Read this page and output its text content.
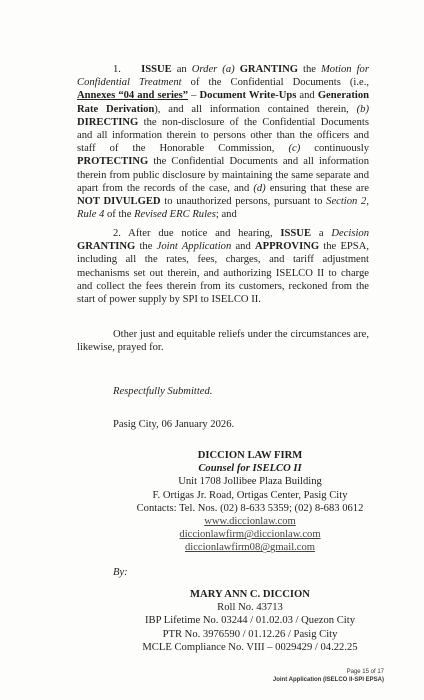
1. ISSUE an Order (a) GRANTING the Motion for Confidential Treatment of the Confidential Documents (i.e., Annexes “04 and series” – Document Write-Ups and Generation Rate Derivation), and all information contained therein, (b) DIRECTING the non-disclosure of the Confidential Documents and all information therein to persons other than the officers and staff of the Honorable Commission, (c) continuously PROTECTING the Confidential Documents and all information therein from public disclosure by maintaining the same separate and apart from the records of the case, and (d) ensuring that these are NOT DIVULGED to unauthorized persons, pursuant to Section 2, Rule 4 of the Revised ERC Rules; and

2. After due notice and hearing, ISSUE a Decision GRANTING the Joint Application and APPROVING the EPSA, including all the rates, fees, charges, and tariff adjustment mechanisms set out therein, and authorizing ISELCO II to charge and collect the fees therein from its customers, reckoned from the start of power supply by SPI to ISELCO II.

Other just and equitable reliefs under the circumstances are, likewise, prayed for.

Respectfully Submitted.
Pasig City, 06 January 2026.
DICCION LAW FIRM
Counsel for ISELCO II
Unit 1708 Jollibee Plaza Building
F. Ortigas Jr. Road, Ortigas Center, Pasig City
Contacts: Tel. Nos. (02) 8-633 5359; (02) 8-683 0612
www.diccionlaw.com
diccionlawfirm@diccionlaw.com
diccionlawfirm08@gmail.com
By:
MARY ANN C. DICCION
Roll No. 43713
IBP Lifetime No. 03244 / 01.02.03 / Quezon City
PTR No. 3976590 / 01.12.26 / Pasig City
MCLE Compliance No. VIII – 0029429 / 04.22.25
Page 15 of 17
Joint Application (ISELCO II-SPI EPSA)
